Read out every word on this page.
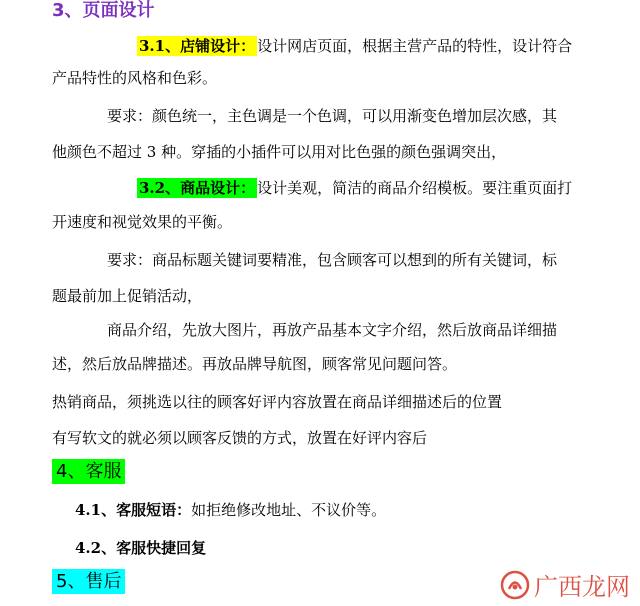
3、页面设计
3.1、店铺设计： 设计网店页面，根据主营产品的特性，设计符合
产品特性的风格和色彩。
要求：颜色统一，主色调是一个色调，可以用渐变色增加层次感，其
他颜色不超过 3 种。穿插的小插件可以用对比色强的颜色强调突出，
3.2、商品设计： 设计美观，简洁的商品介绍模板。要注重页面打
开速度和视觉效果的平衡。
要求：商品标题关键词要精准，包含顾客可以想到的所有关键词，标
题最前加上促销活动，
商品介绍，先放大图片，再放产品基本文字介绍，然后放商品详细描
述，然后放品牌描述。再放品牌导航图，顾客常见问题问答。
热销商品，须挑选以往的顾客好评内容放置在商品详细描述后的位置
有写软文的就必须以顾客反馈的方式，放置在好评内容后
4、客服
4.1、客服短语：如拒绝修改地址、不议价等。
4.2、客服快捷回复
5、售后	广西龙网
